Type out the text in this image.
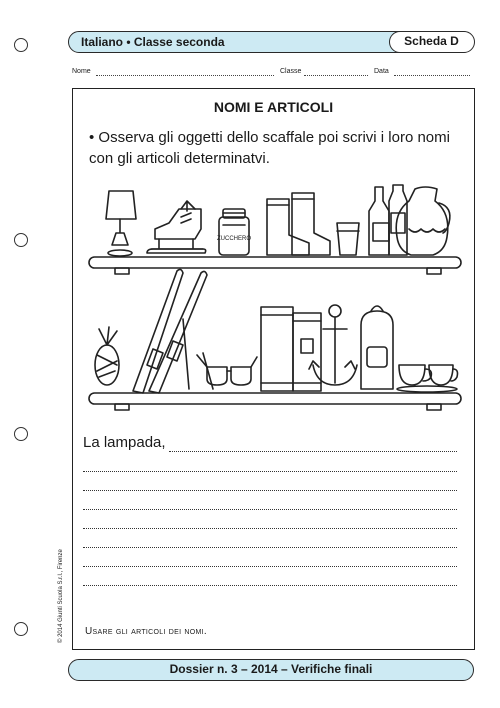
Italiano • Classe seconda	Scheda D
Nome	Classe	Data
NOMI E ARTICOLI
• Osserva gli oggetti dello scaffale poi scrivi i loro nomi con gli articoli determinatvi.
ZUCCHERO
La lampada,
Usare gli articoli dei nomi.
© 2014 Giunti Scuola S.r.l., Firenze
Dossier n. 3 – 2014 – Verifiche finali
